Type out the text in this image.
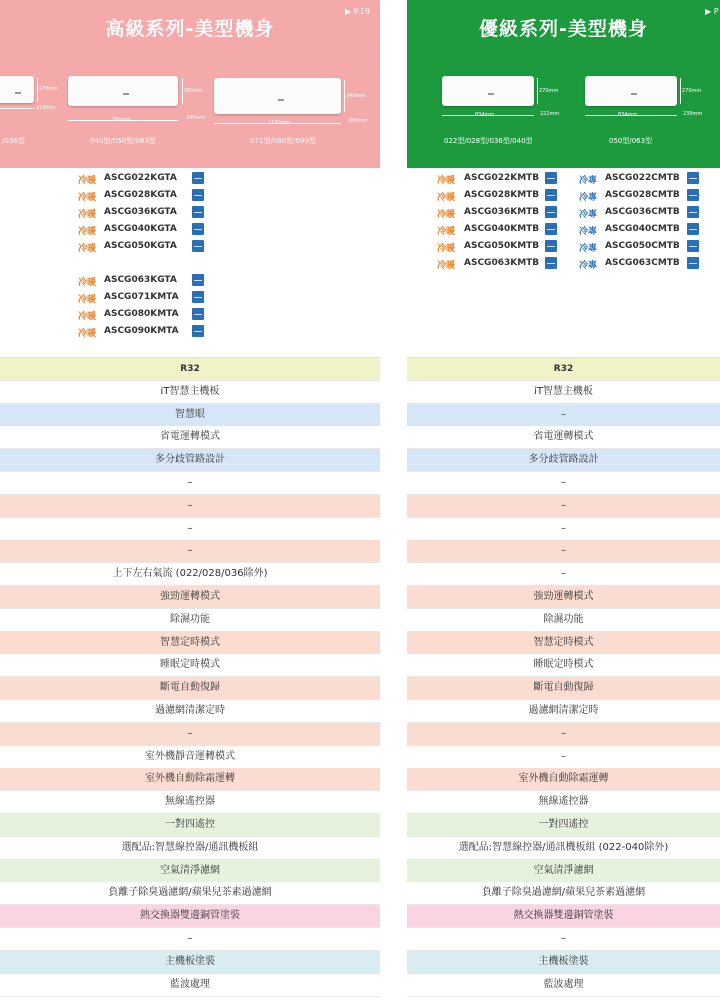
高級系列-美型機身
▶ P.19
270mm
213mm
/036型
280mm
380mm
240mm
040型/050型/063型
1130mm
340mm
280mm
071型/080型/090型
冷暖 ASCG022KGTA
冷暖 ASCG028KGTA
冷暖 ASCG036KGTA
冷暖 ASCG040KGTA
冷暖 ASCG050KGTA
冷暖 ASCG063KGTA
冷暖 ASCG071KMTA
冷暖 ASCG080KMTA
冷暖 ASCG090KMTA
R32
iT智慧主機板
智慧眼
省電運轉模式
多分歧管路設計
–
–
–
–
上下左右氣流 (022/028/036除外)
強勁運轉模式
除濕功能
智慧定時模式
睡眠定時模式
斷電自動復歸
過濾網清潔定時
–
室外機靜音運轉模式
室外機自動除霜運轉
無線遙控器
一對四遙控
選配品:智慧線控器/通訊機板組
空氣清淨濾網
負離子除臭過濾網/蘋果兒茶素過濾網
熱交換器雙邊銅管塗裝
–
主機板塗裝
藍波處理
優級系列-美型機身
▶ P
270mm
834mm	222mm
022型/028型/036型/040型
270mm
834mm	239mm
050型/063型
冷暖 ASCG022KMTB	冷專 ASCG022CMTB
冷暖 ASCG028KMTB	冷專 ASCG028CMTB
冷暖 ASCG036KMTB	冷專 ASCG036CMTB
冷暖 ASCG040KMTB	冷專 ASCG040CMTB
冷暖 ASCG050KMTB	冷專 ASCG050CMTB
冷暖 ASCG063KMTB	冷專 ASCG063CMTB
R32
iT智慧主機板
–
省電運轉模式
多分歧管路設計
–
–
–
–
–
強勁運轉模式
除濕功能
智慧定時模式
睡眠定時模式
斷電自動復歸
過濾網清潔定時
–
–
室外機自動除霜運轉
無線遙控器
一對四遙控
選配品:智慧線控器/通訊機板組 (022-040除外)
空氣清淨濾網
負離子除臭過濾網/蘋果兒茶素過濾網
熱交換器雙邊銅管塗裝
–
主機板塗裝
藍波處理
